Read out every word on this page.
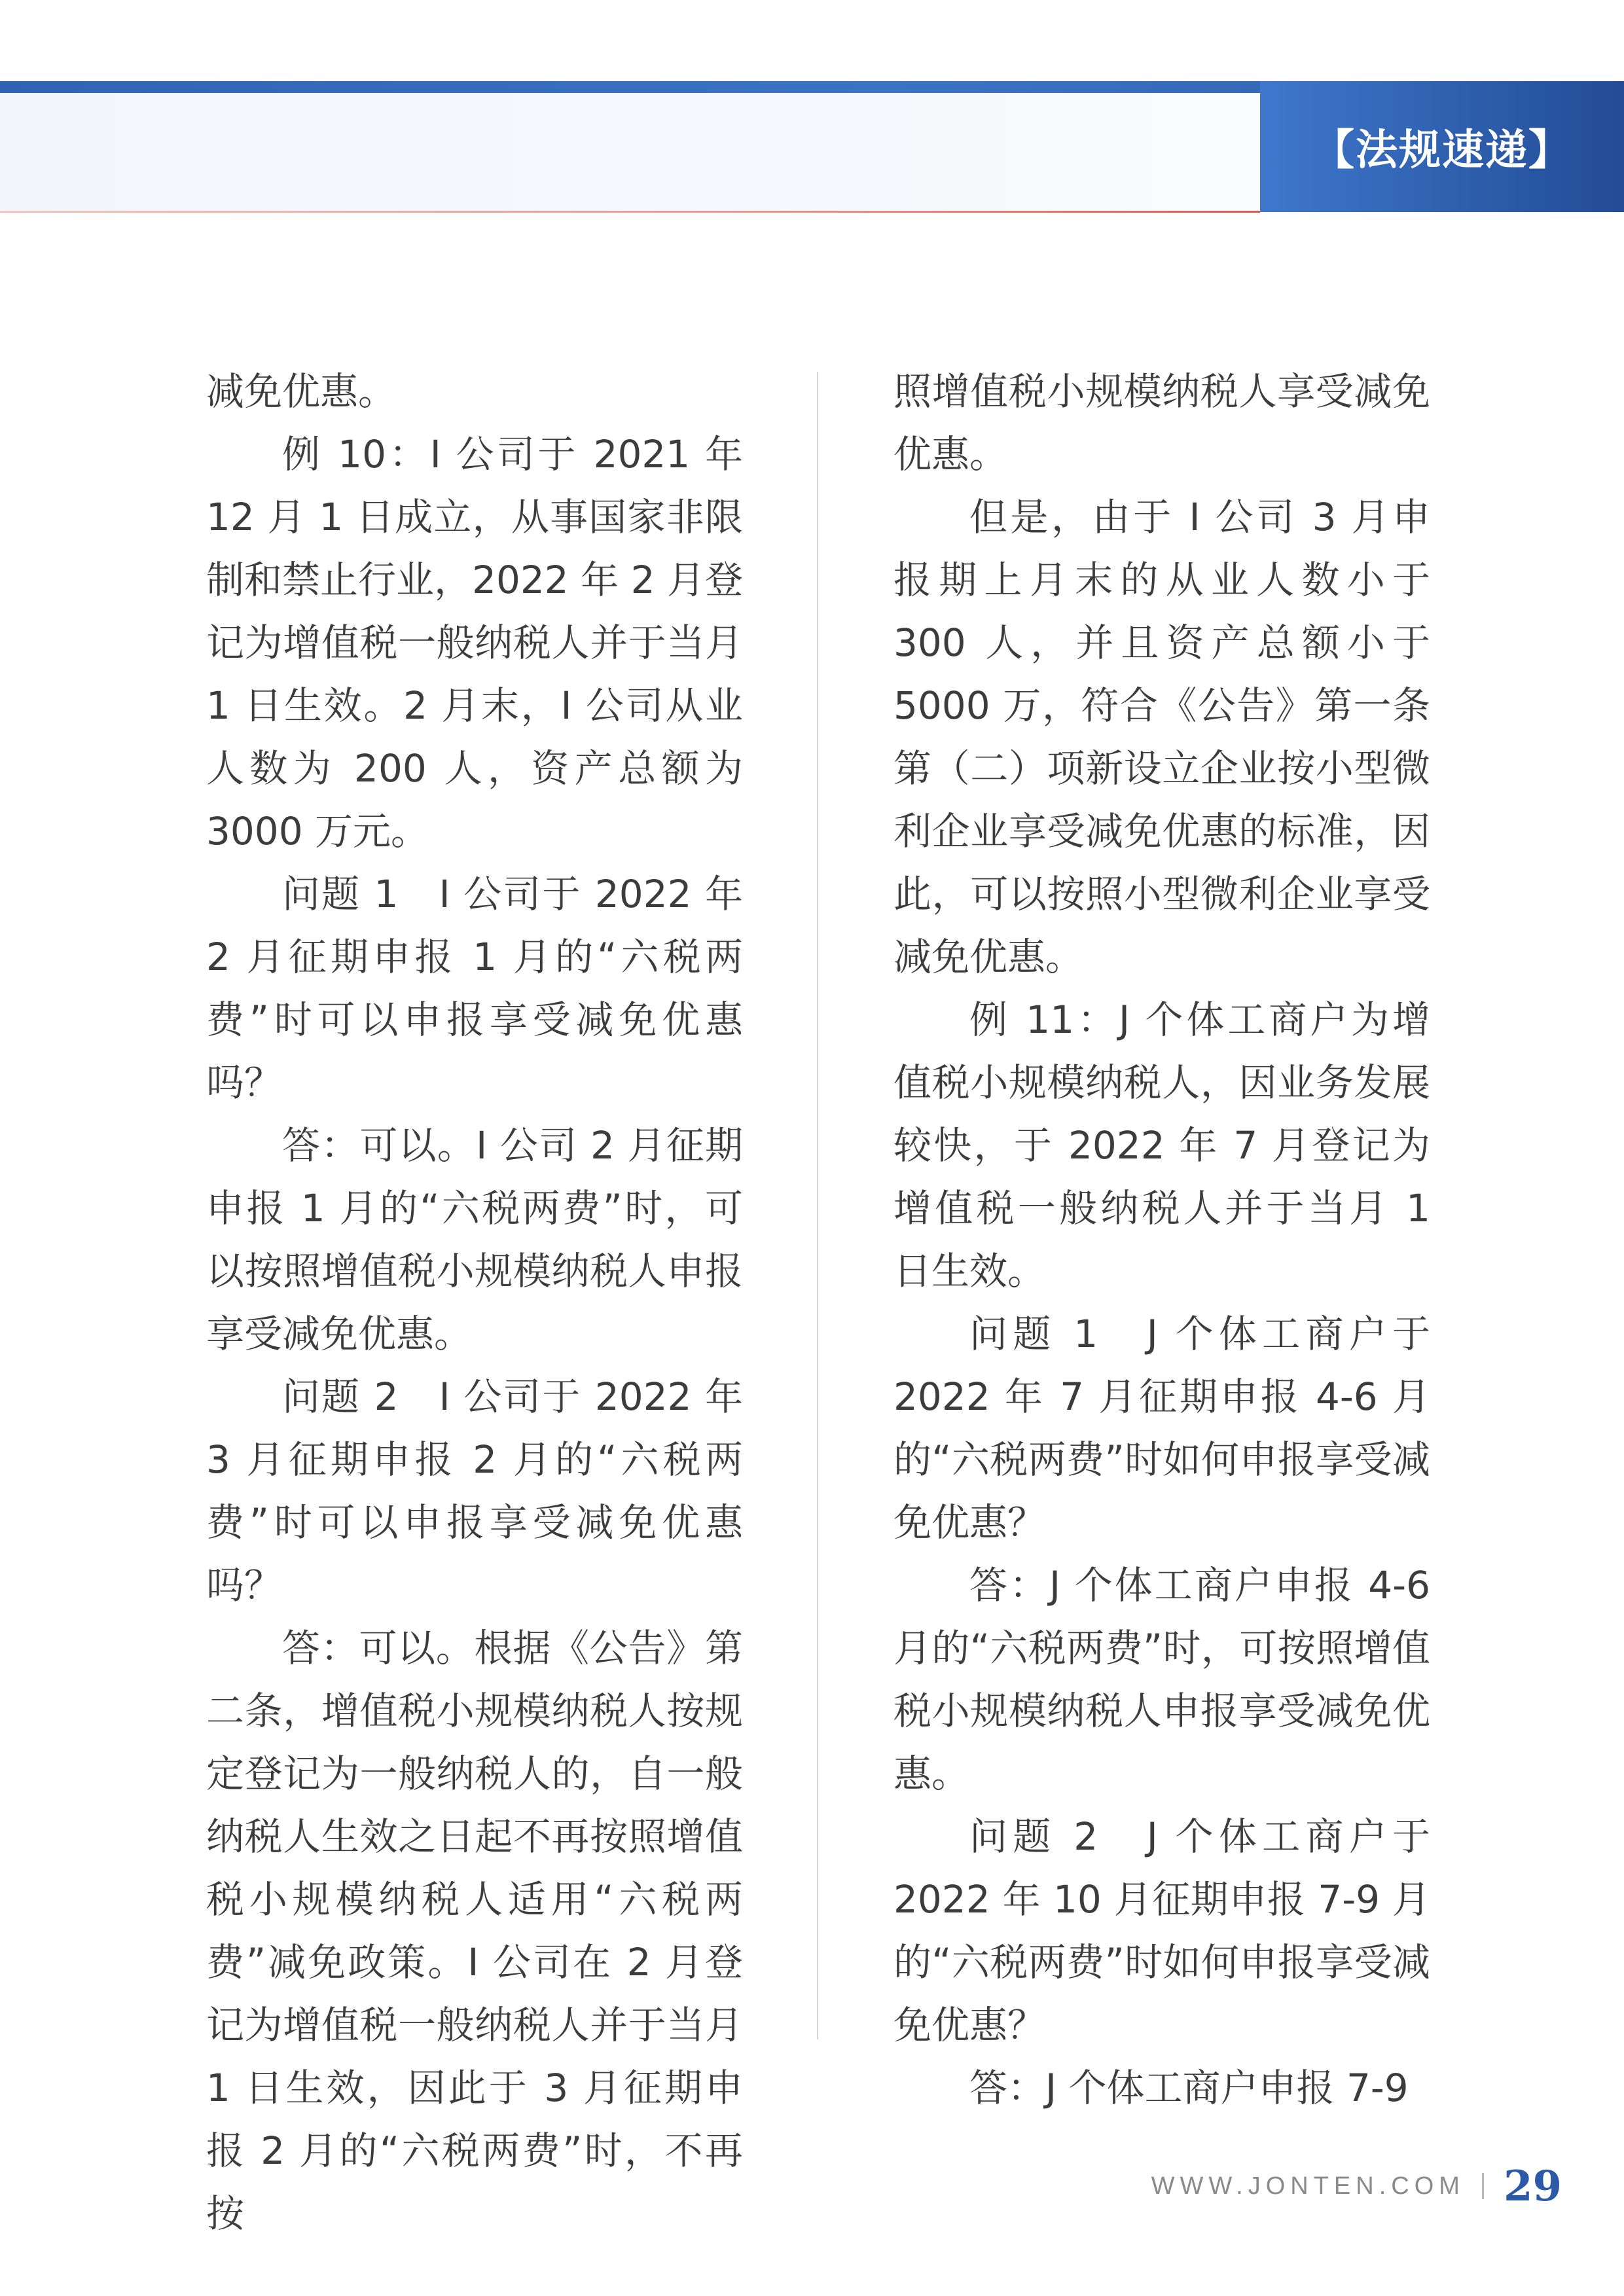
【法规速递】

减免优惠。

例 10：I 公司于 2021 年 12 月 1 日成立，从事国家非限制和禁止行业，2022 年 2 月登记为增值税一般纳税人并于当月 1 日生效。2 月末，I 公司从业人数为 200 人，资产总额为 3000 万元。

问题 1　I 公司于 2022 年 2 月征期申报 1 月的“六税两费”时可以申报享受减免优惠吗？

答：可以。I 公司 2 月征期申报 1 月的“六税两费”时，可以按照增值税小规模纳税人申报享受减免优惠。

问题 2　I 公司于 2022 年 3 月征期申报 2 月的“六税两费”时可以申报享受减免优惠吗？

答：可以。根据《公告》第二条，增值税小规模纳税人按规定登记为一般纳税人的，自一般纳税人生效之日起不再按照增值税小规模纳税人适用“六税两费”减免政策。I 公司在 2 月登记为增值税一般纳税人并于当月 1 日生效，因此于 3 月征期申报 2 月的“六税两费”时，不再按

照增值税小规模纳税人享受减免优惠。

但是，由于 I 公司 3 月申报期上月末的从业人数小于 300 人，并且资产总额小于 5000 万，符合《公告》第一条第（二）项新设立企业按小型微利企业享受减免优惠的标准，因此，可以按照小型微利企业享受减免优惠。

例 11：J 个体工商户为增值税小规模纳税人，因业务发展较快，于 2022 年 7 月登记为增值税一般纳税人并于当月 1 日生效。

问题 1　J 个体工商户于 2022 年 7 月征期申报 4-6 月的“六税两费”时如何申报享受减免优惠？

答：J 个体工商户申报 4-6 月的“六税两费”时，可按照增值税小规模纳税人申报享受减免优惠。

问题 2　J 个体工商户于 2022 年 10 月征期申报 7-9 月的“六税两费”时如何申报享受减免优惠？

答：J 个体工商户申报 7-9

WWW.JONTEN.COM 29
